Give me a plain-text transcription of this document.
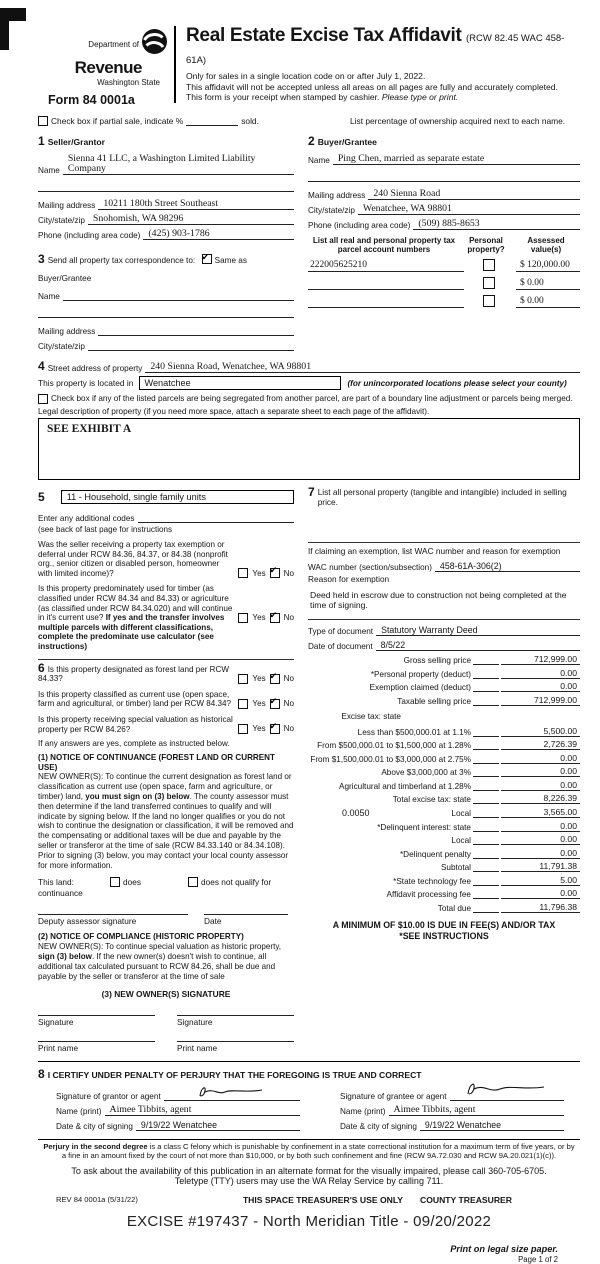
Department of
Revenue
Washington State
Form 84 0001a
Real Estate Excise Tax Affidavit (RCW 82.45 WAC 458-61A)
Only for sales in a single location code on or after July 1, 2022.
This affidavit will not be accepted unless all areas on all pages are fully and accurately completed.
This form is your receipt when stamped by cashier. Please type or print.
Check box if partial sale, indicate %	sold.	List percentage of ownership acquired next to each name.
1 Seller/Grantor
Name
Sienna 41 LLC, a Washington Limited Liability Company
Mailing address 10211 180th Street Southeast
City/state/zip Snohomish, WA 98296
Phone (including area code) (425) 903-1786
3 Send all property tax correspondence to: ✔ Same as Buyer/Grantee
Name
Mailing address
City/state/zip
2 Buyer/Grantee
Name Ping Chen, married as separate estate
Mailing address 240 Sienna Road
City/state/zip Wenatchee, WA 98801
Phone (including area code) (509) 885-8653
List all real and personal property tax parcel account numbers
Personal property?
Assessed value(s)
222005625210	$ 120,000.00
$ 0.00
$ 0.00
4 Street address of property 240 Sienna Road, Wenatchee, WA 98801
This property is located in	Wenatchee	(for unincorporated locations please select your county)
Check box if any of the listed parcels are being segregated from another parcel, are part of a boundary line adjustment or parcels being merged.
Legal description of property (if you need more space, attach a separate sheet to each page of the affidavit).
SEE EXHIBIT A
5	11 - Household, single family units
Enter any additional codes
(see back of last page for instructions
Was the seller receiving a property tax exemption or deferral under RCW 84.36, 84.37, or 84.38 (nonprofit org., senior citizen or disabled person, homeowner with limited income)?	Yes ✔ No
Is this property predominately used for timber (as classified under RCW 84.34 and 84.33) or agriculture (as classified under RCW 84.34.020) and will continue in it's current use? If yes and the transfer involves multiple parcels with different classifications, complete the predominate use calculator (see instructions)
Yes ✔ No
6 Is this property designated as forest land per RCW 84.33?	Yes ✔ No
Is this property classified as current use (open space, farm and agricultural, or timber) land per RCW 84.34?	Yes ✔ No
Is this property receiving special valuation as historical property per RCW 84.26?	Yes ✔ No
If any answers are yes, complete as instructed below.
(1) NOTICE OF CONTINUANCE (FOREST LAND OR CURRENT USE)
NEW OWNER(S): To continue the current designation as forest land or classification as current use (open space, farm and agriculture, or timber) land, you must sign on (3) below. The county assessor must then determine if the land transferred continues to qualify and will indicate by signing below. If the land no longer qualifies or you do not wish to continue the designation or classification, it will be removed and the compensating or additional taxes will be due and payable by the seller or transferor at the time of sale (RCW 84.33.140 or 84.34.108). Prior to signing (3) below, you may contact your local county assessor for more information.
This land:	does	does not qualify for
continuance
Deputy assessor signature	Date
(2) NOTICE OF COMPLIANCE (HISTORIC PROPERTY)
NEW OWNER(S): To continue special valuation as historic property, sign (3) below. If the new owner(s) doesn't wish to continue, all additional tax calculated pursuant to RCW 84.26, shall be due and payable by the seller or transferor at the time of sale
(3) NEW OWNER(S) SIGNATURE
Signature	Signature
Print name	Print name
7 List all personal property (tangible and intangible) included in selling price.
If claiming an exemption, list WAC number and reason for exemption
WAC number (section/subsection) 458-61A-306(2)
Reason for exemption
Deed held in escrow due to construction not being completed at the time of signing.
Type of document Statutory Warranty Deed
Date of document 8/5/22
Gross selling price	712,999.00
*Personal property (deduct)	0.00
Exemption claimed (deduct)	0.00
Taxable selling price	712,999.00
Excise tax: state
Less than $500,000.01 at 1.1%	5,500.00
From $500,000.01 to $1,500,000 at 1.28%	2,726.39
From $1,500,000.01 to $3,000,000 at 2.75%	0.00
Above $3,000,000 at 3%	0.00
Agricultural and timberland at 1.28%	0.00
Total excise tax: state	8,226.39
0.0050	Local	3,565.00
*Delinquent interest: state	0.00
Local	0.00
*Delinquent penalty	0.00
Subtotal	11,791.38
*State technology fee	5.00
Affidavit processing fee	0.00
Total due	11,796.38
A MINIMUM OF $10.00 IS DUE IN FEE(S) AND/OR TAX
*SEE INSTRUCTIONS
8 I CERTIFY UNDER PENALTY OF PERJURY THAT THE FOREGOING IS TRUE AND CORRECT
Signature of grantor or agent
Name (print) Aimee Tibbits, agent
Date & city of signing 9/19/22 Wenatchee
Signature of grantee or agent
Name (print) Aimee Tibbits, agent
Date & city of signing 9/19/22 Wenatchee
Perjury in the second degree is a class C felony which is punishable by confinement in a state correctional institution for a maximum term of five years, or by a fine in an amount fixed by the court of not more than $10,000, or by both such confinement and fine (RCW 9A.72.030 and RCW 9A.20.021(1)(c)).
To ask about the availability of this publication in an alternate format for the visually impaired, please call 360-705-6705. Teletype (TTY) users may use the WA Relay Service by calling 711.
REV 84 0001a (5/31/22)	THIS SPACE TREASURER'S USE ONLY	COUNTY TREASURER
EXCISE #197437 - North Meridian Title - 09/20/2022
Print on legal size paper.
Page 1 of 2
